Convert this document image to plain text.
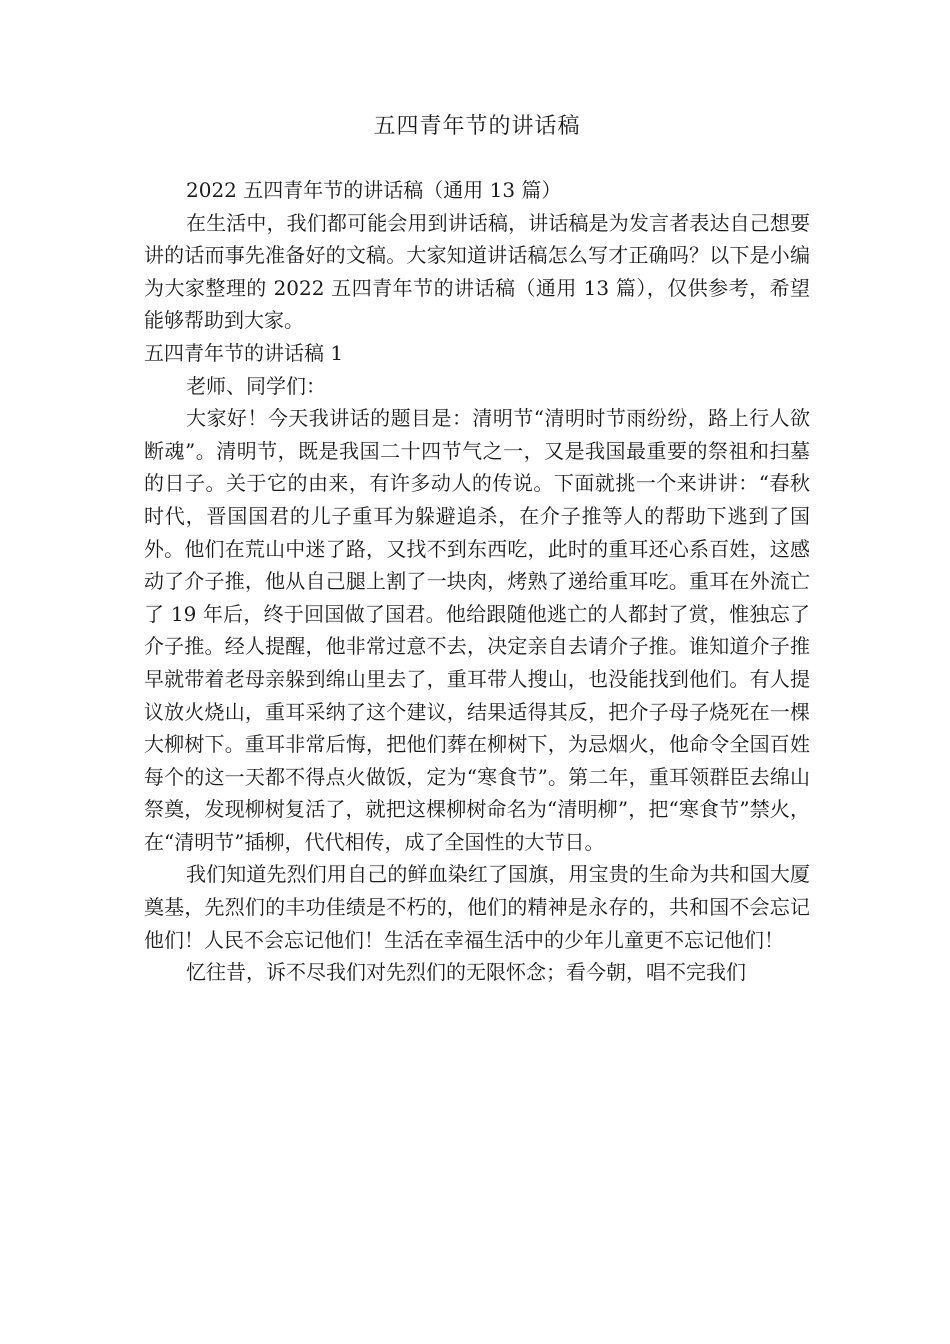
五四青年节的讲话稿

2022 五四青年节的讲话稿（通用 13 篇）

在生活中，我们都可能会用到讲话稿，讲话稿是为发言者表达自己想要讲的话而事先准备好的文稿。大家知道讲话稿怎么写才正确吗？以下是小编为大家整理的 2022 五四青年节的讲话稿（通用 13 篇），仅供参考，希望能够帮助到大家。

五四青年节的讲话稿 1

老师、同学们：

大家好！今天我讲话的题目是：清明节“清明时节雨纷纷，路上行人欲断魂”。清明节，既是我国二十四节气之一，又是我国最重要的祭祖和扫墓的日子。关于它的由来，有许多动人的传说。下面就挑一个来讲讲：“春秋时代，晋国国君的儿子重耳为躲避追杀，在介子推等人的帮助下逃到了国外。他们在荒山中迷了路，又找不到东西吃，此时的重耳还心系百姓，这感动了介子推，他从自己腿上割了一块肉，烤熟了递给重耳吃。重耳在外流亡了 19 年后，终于回国做了国君。他给跟随他逃亡的人都封了赏，惟独忘了介子推。经人提醒，他非常过意不去，决定亲自去请介子推。谁知道介子推早就带着老母亲躲到绵山里去了，重耳带人搜山，也没能找到他们。有人提议放火烧山，重耳采纳了这个建议，结果适得其反，把介子母子烧死在一棵大柳树下。重耳非常后悔，把他们葬在柳树下，为忌烟火，他命令全国百姓每个的这一天都不得点火做饭，定为“寒食节”。第二年，重耳领群臣去绵山祭奠，发现柳树复活了，就把这棵柳树命名为“清明柳”，把“寒食节”禁火，在“清明节”插柳，代代相传，成了全国性的大节日。

我们知道先烈们用自己的鲜血染红了国旗，用宝贵的生命为共和国大厦奠基，先烈们的丰功佳绩是不朽的，他们的精神是永存的，共和国不会忘记他们！人民不会忘记他们！生活在幸福生活中的少年儿童更不忘记他们！

忆往昔，诉不尽我们对先烈们的无限怀念；看今朝，唱不完我们
